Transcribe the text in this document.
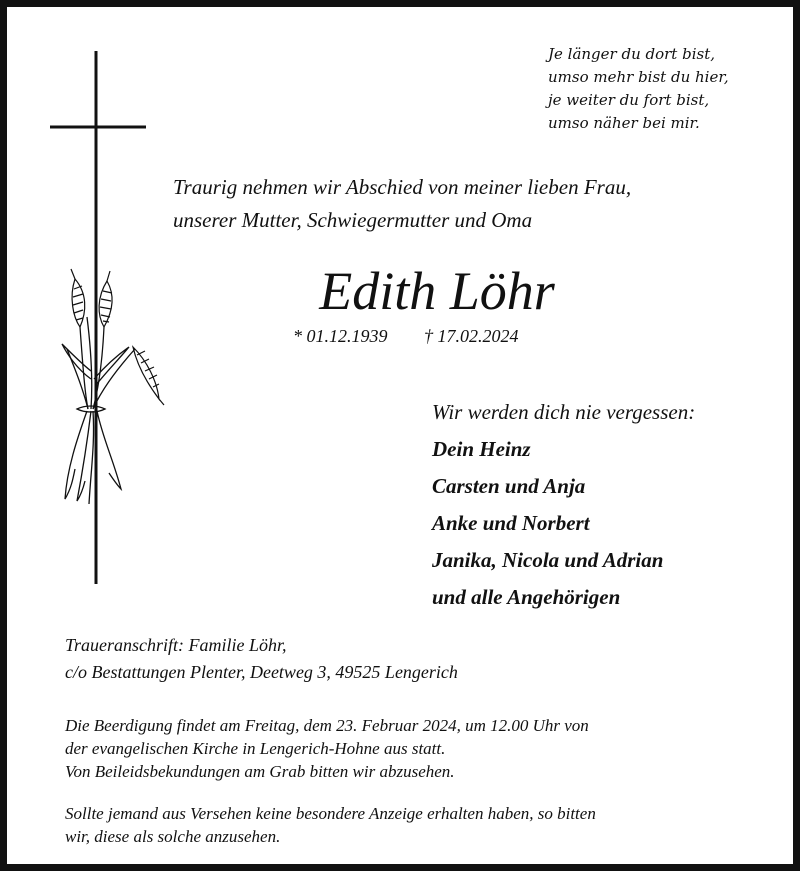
Je länger du dort bist,
umso mehr bist du hier,
je weiter du fort bist,
umso näher bei mir.
Traurig nehmen wir Abschied von meiner lieben Frau,
unserer Mutter, Schwiegermutter und Oma
Edith Löhr
* 01.12.1939 † 17.02.2024
Wir werden dich nie vergessen:
Dein Heinz
Carsten und Anja
Anke und Norbert
Janika, Nicola und Adrian
und alle Angehörigen
Traueranschrift: Familie Löhr,
c/o Bestattungen Plenter, Deetweg 3, 49525 Lengerich
Die Beerdigung findet am Freitag, dem 23. Februar 2024, um 12.00 Uhr von
der evangelischen Kirche in Lengerich-Hohne aus statt.
Von Beileidsbekundungen am Grab bitten wir abzusehen.
Sollte jemand aus Versehen keine besondere Anzeige erhalten haben, so bitten
wir, diese als solche anzusehen.
